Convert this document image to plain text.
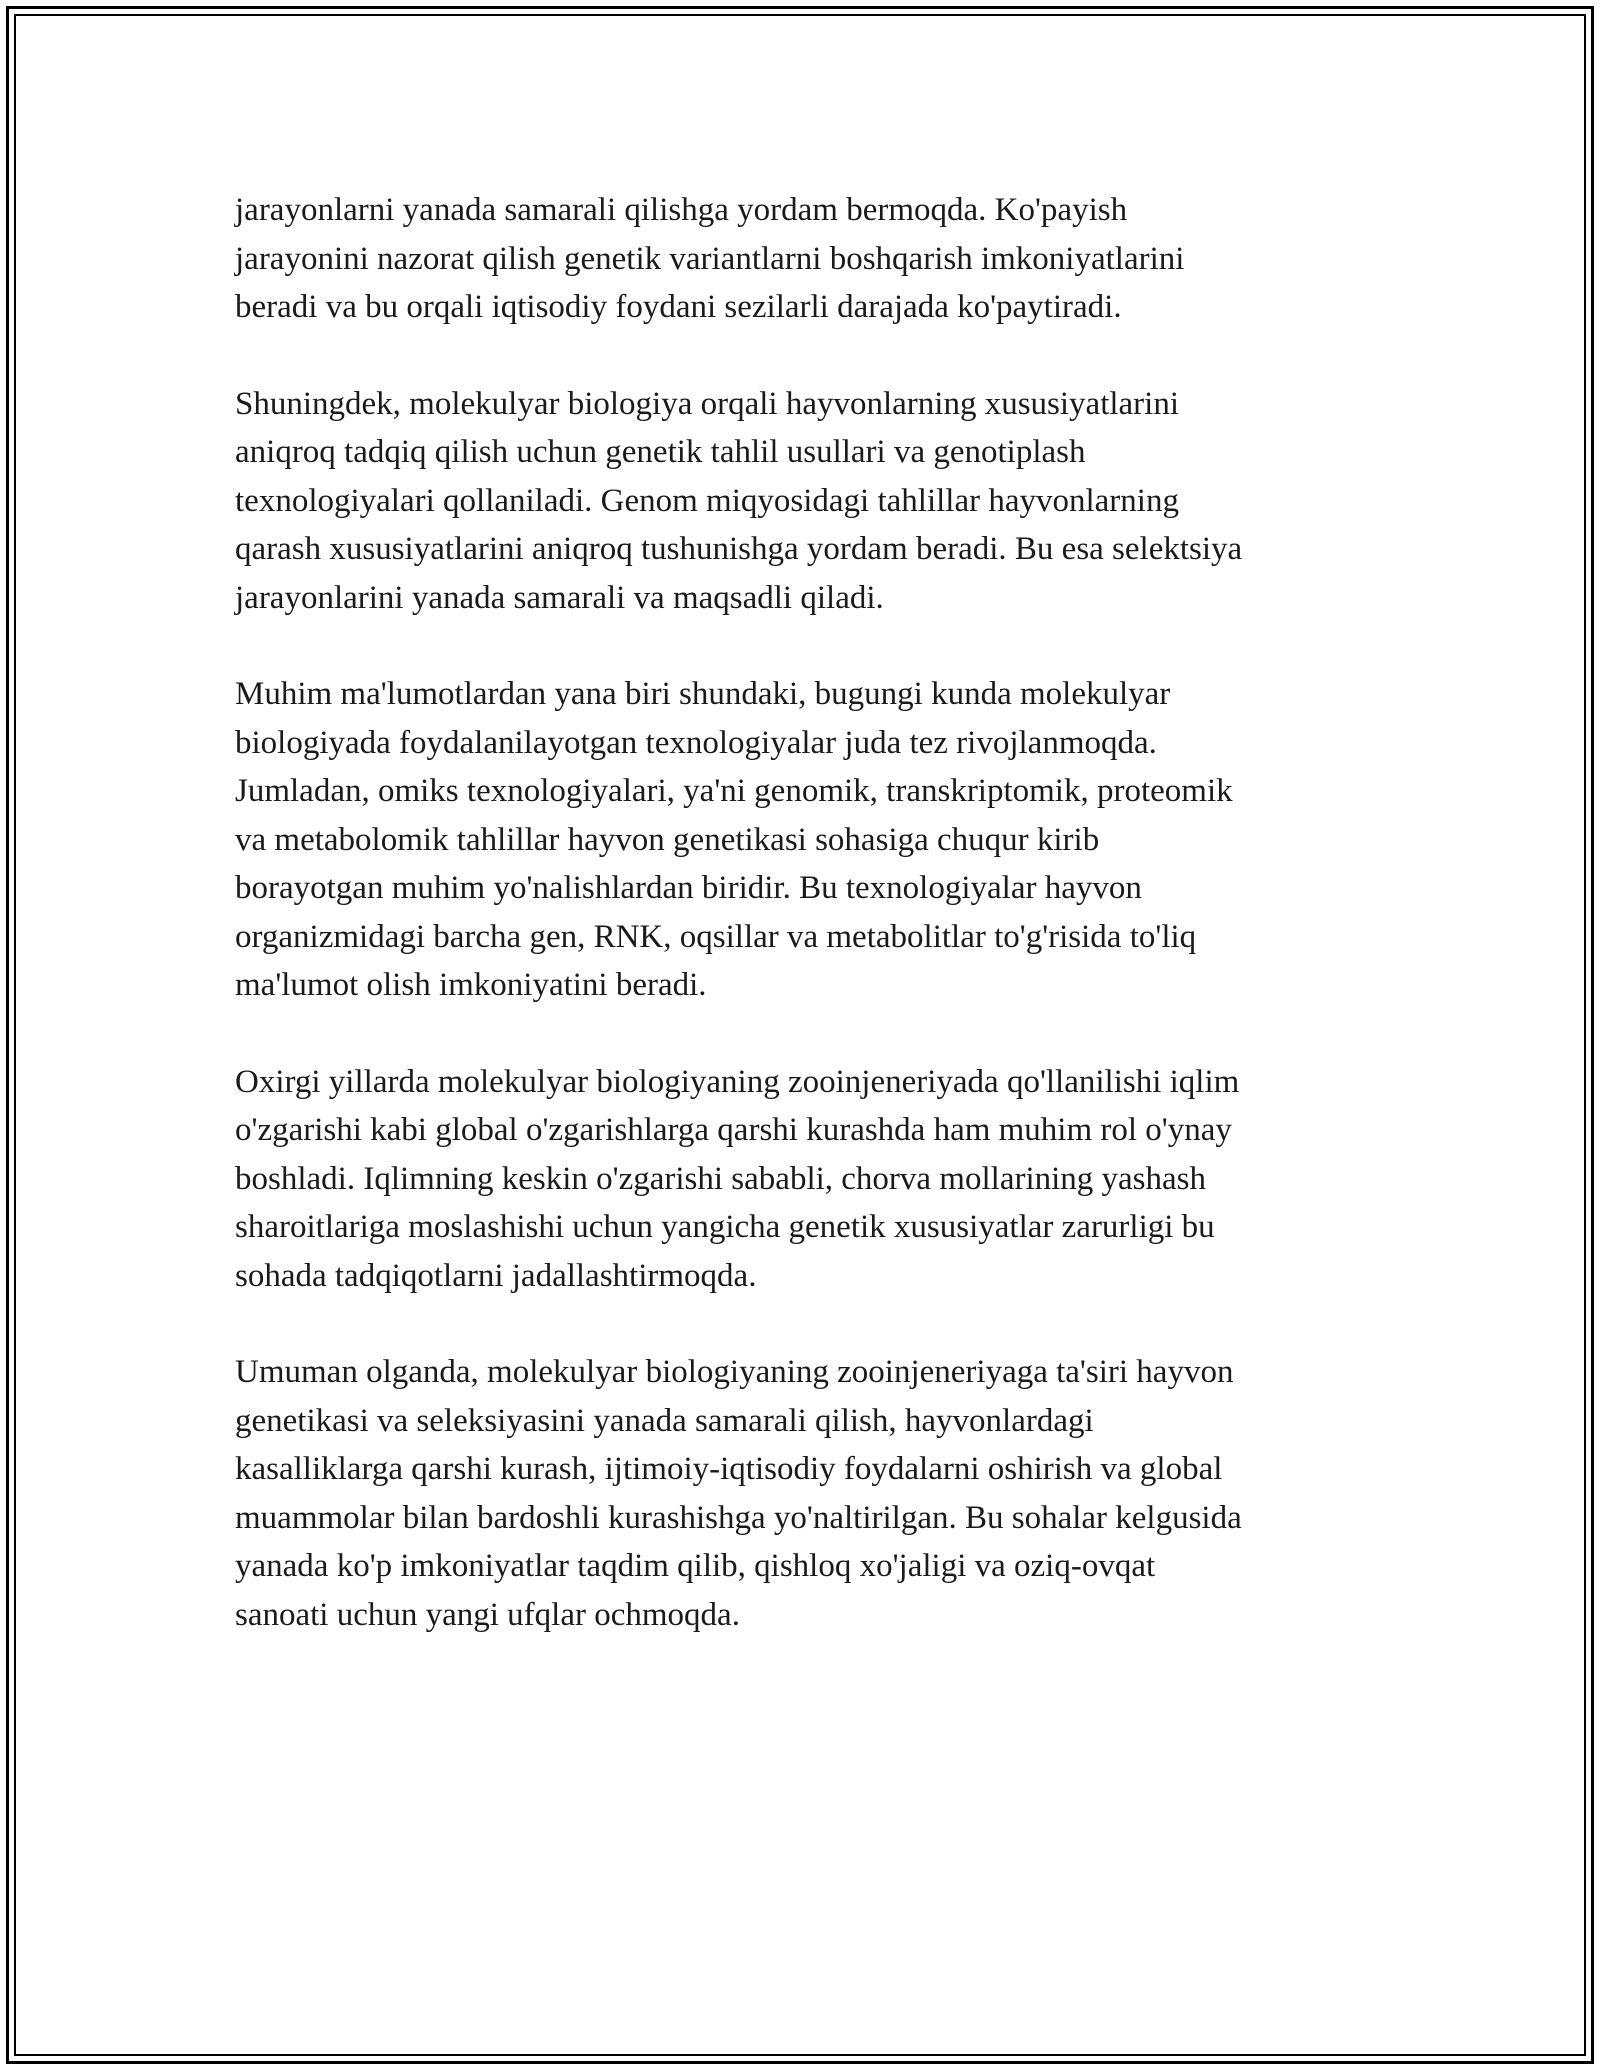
jarayonlarni yanada samarali qilishga yordam bermoqda. Ko'payish
jarayonini nazorat qilish genetik variantlarni boshqarish imkoniyatlarini
beradi va bu orqali iqtisodiy foydani sezilarli darajada ko'paytiradi.

Shuningdek, molekulyar biologiya orqali hayvonlarning xususiyatlarini
aniqroq tadqiq qilish uchun genetik tahlil usullari va genotiplash
texnologiyalari qollaniladi. Genom miqyosidagi tahlillar hayvonlarning
qarash xususiyatlarini aniqroq tushunishga yordam beradi. Bu esa selektsiya
jarayonlarini yanada samarali va maqsadli qiladi.

Muhim ma'lumotlardan yana biri shundaki, bugungi kunda molekulyar
biologiyada foydalanilayotgan texnologiyalar juda tez rivojlanmoqda.
Jumladan, omiks texnologiyalari, ya'ni genomik, transkriptomik, proteomik
va metabolomik tahlillar hayvon genetikasi sohasiga chuqur kirib
borayotgan muhim yo'nalishlardan biridir. Bu texnologiyalar hayvon
organizmidagi barcha gen, RNK, oqsillar va metabolitlar to'g'risida to'liq
ma'lumot olish imkoniyatini beradi.

Oxirgi yillarda molekulyar biologiyaning zooinjeneriyada qo'llanilishi iqlim
o'zgarishi kabi global o'zgarishlarga qarshi kurashda ham muhim rol o'ynay
boshladi. Iqlimning keskin o'zgarishi sababli, chorva mollarining yashash
sharoitlariga moslashishi uchun yangicha genetik xususiyatlar zarurligi bu
sohada tadqiqotlarni jadallashtirmoqda.

Umuman olganda, molekulyar biologiyaning zooinjeneriyaga ta'siri hayvon
genetikasi va seleksiyasini yanada samarali qilish, hayvonlardagi
kasalliklarga qarshi kurash, ijtimoiy-iqtisodiy foydalarni oshirish va global
muammolar bilan bardoshli kurashishga yo'naltirilgan. Bu sohalar kelgusida
yanada ko'p imkoniyatlar taqdim qilib, qishloq xo'jaligi va oziq-ovqat
sanoati uchun yangi ufqlar ochmoqda.
